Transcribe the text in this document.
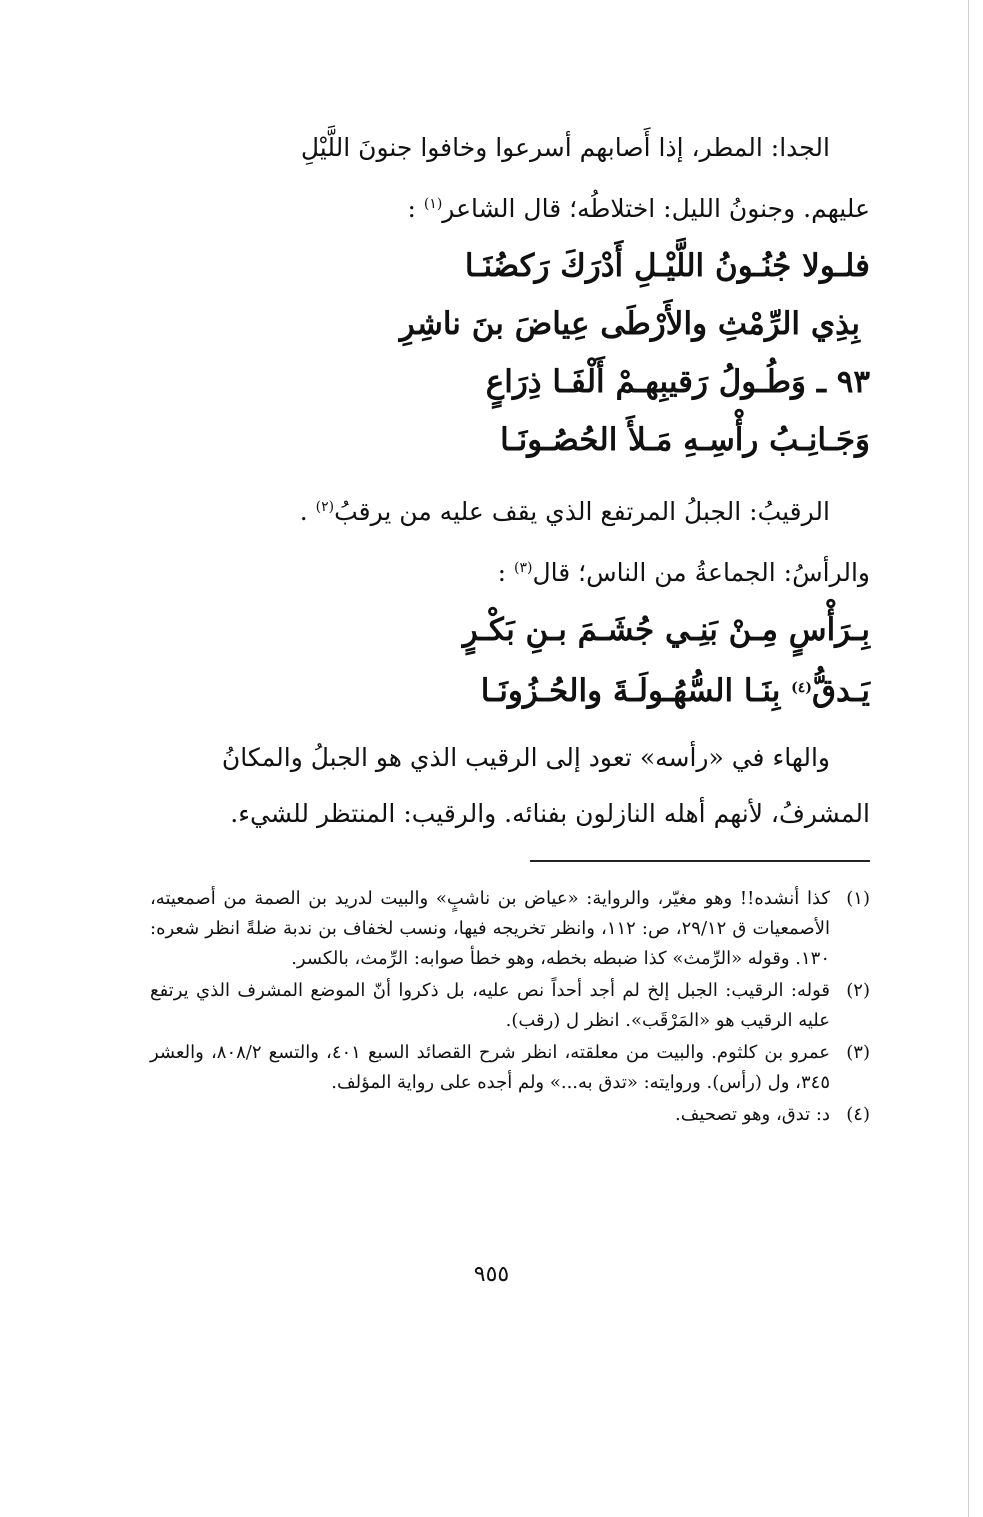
الجدا: المطر، إذا أَصابهم أسرعوا وخافوا جنونَ اللَّيْلِ
عليهم. وجنونُ الليل: اختلاطُه؛ قال الشاعر$^{(١)}$ :

فلـولا جُنُـونُ اللَّيْـلِ أَدْرَكَ رَكضُنَـا
بِذِي الرِّمْثِ والأَرْطَى عِياضَ بنَ ناشِرِ
٩٣ ـ وَطُـولُ رَقيبِهـمْ أَلْفَـا ذِرَاعٍ
وَجَـانِـبُ رأْسِـهِ مَـلأَ الحُصُـونَـا

الرقيبُ: الجبلُ المرتفع الذي يقف عليه من يرقبُ$^{(٢)}$ .
والرأسُ: الجماعةُ من الناس؛ قال$^{(٣)}$ :

بِـرَأْسٍ مِـنْ بَنِـي جُشَـمَ بـنِ بَكْـرٍ
يَـدقُّ$^{(٤)}$ بِنَـا السُّهُـولَـةَ والحُـزُونَـا

والهاء في «رأسه» تعود إلى الرقيب الذي هو الجبلُ والمكانُ
المشرفُ، لأنهم أهله النازلون بفنائه. والرقيب: المنتظر للشيء.

(١)
كذا أنشده!! وهو مغيّر، والرواية: «عياض بن ناشبٍ» والبيت لدريد بن الصمة من أصمعيته، الأصمعيات ق ٢٩/١٢، ص: ١١٢، وانظر تخريجه فيها، ونسب لخفاف بن ندبة ضلةً انظر شعره: ١٣٠. وقوله «الرِّمث» كذا ضبطه بخطه، وهو خطأ صوابه: الرِّمث، بالكسر.
(٢)
قوله: الرقيب: الجبل إلخ لم أجد أحداً نص عليه، بل ذكروا أنّ الموضع المشرف الذي يرتفع عليه الرقيب هو «المَرْقَب». انظر ل (رقب).
(٣)
عمرو بن كلثوم. والبيت من معلقته، انظر شرح القصائد السبع ٤٠١، والتسع ٨٠٨/٢، والعشر ٣٤٥، ول (رأس). وروايته: «تدق به...» ولم أجده على رواية المؤلف.
(٤)
د: تدق، وهو تصحيف.
٩٥٥
